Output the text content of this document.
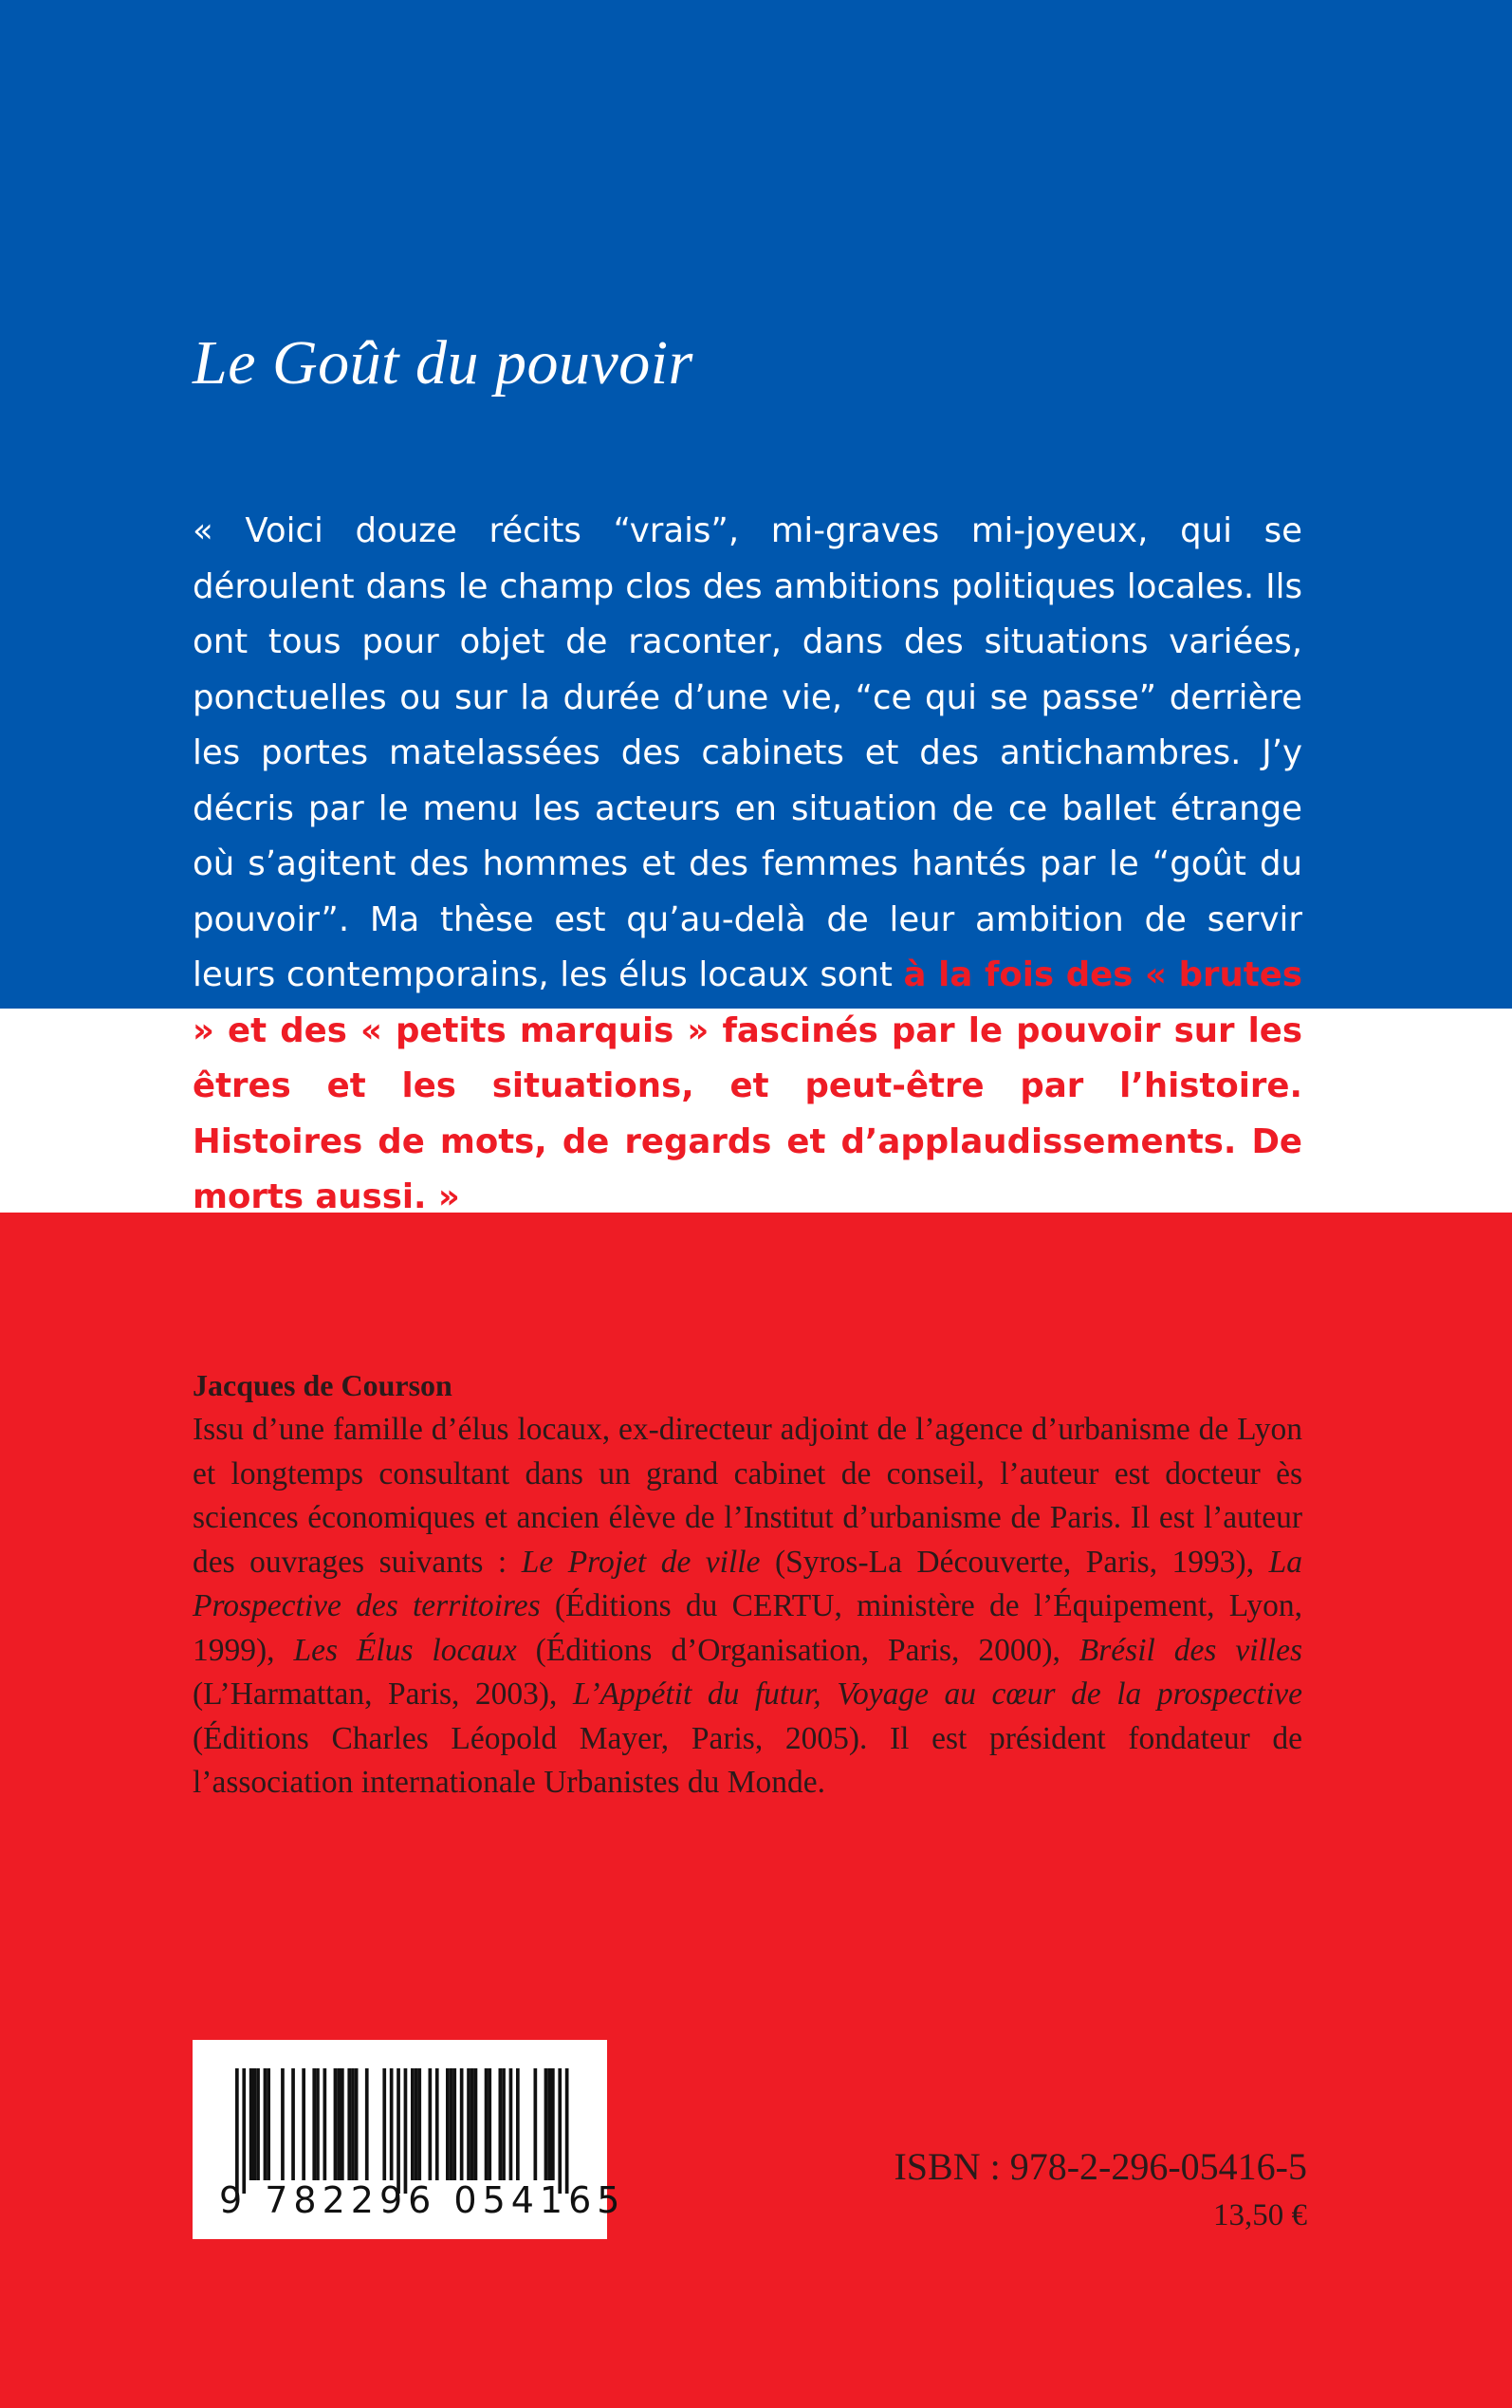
Le Goût du pouvoir

« Voici douze récits “vrais”, mi-graves mi-joyeux, qui se déroulent dans le champ clos des ambitions politiques locales. Ils ont tous pour objet de raconter, dans des situations variées, ponctuelles ou sur la durée d’une vie, “ce qui se passe” derrière les portes matelassées des cabinets et des antichambres. J’y décris par le menu les acteurs en situation de ce ballet étrange où s’agitent des hommes et des femmes hantés par le “goût du pouvoir”. Ma thèse est qu’au-delà de leur ambition de servir leurs contemporains, les élus locaux sont à la fois des « brutes » et des « petits marquis » fascinés par le pouvoir sur les êtres et les situations, et peut-être par l’histoire. Histoires de mots, de regards et d’applaudissements. De morts aussi. »

Jacques de Courson

Issu d’une famille d’élus locaux, ex-directeur adjoint de l’agence d’urbanisme de Lyon et longtemps consultant dans un grand cabinet de conseil, l’auteur est docteur ès sciences économiques et ancien élève de l’Institut d’urbanisme de Paris. Il est l’auteur des ouvrages suivants : Le Projet de ville (Syros-La Découverte, Paris, 1993), La Prospective des territoires (Éditions du CERTU, ministère de l’Équipement, Lyon, 1999), Les Élus locaux (Éditions d’Organisation, Paris, 2000), Brésil des villes (L’Harmattan, Paris, 2003), L’Appétit du futur, Voyage au cœur de la prospective (Éditions Charles Léopold Mayer, Paris, 2005). Il est président fondateur de l’association internationale Urbanistes du Monde.

9 782296 054165

ISBN : 978-2-296-05416-5

13,50 €
